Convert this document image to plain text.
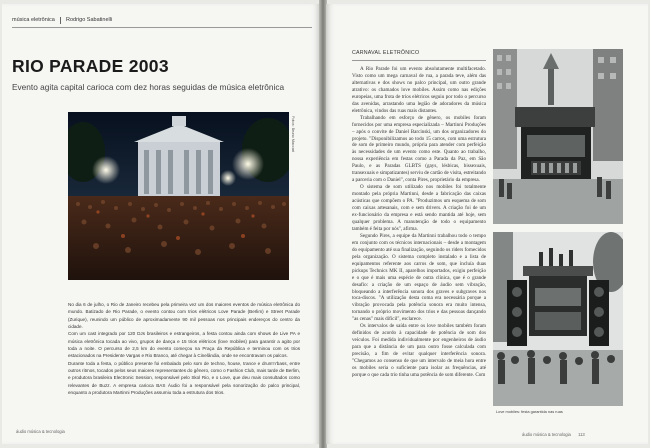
música eletrônica Rodrigo Sabatinelli
RIO PARADE 2003
Evento agita capital carioca com dez horas seguidas de música eletrônica
Fotos: Bruno Maccari

No dia 6 de julho, o Rio de Janeiro recebeu pela primeira vez um dos maiores eventos de música eletrônica do mundo. Batizado de Rio Parade, o evento contou com trios elétricos Love Parade (Berlim) e Street Parade (Zurique), reunindo um público de aproximadamente 90 mil pessoas nos principais endereços do centro da cidade.

Com um cast integrado por 120 DJs brasileiros e estrangeiros, a festa contou ainda com shows de Live PA e música eletrônica tocada ao vivo, grupos de dança e 15 trios elétricos (love mobiles) para garantir a agito por toda a noite. O percurso de 2,5 km do evento começou na Praça da República e terminou com os trios estacionados na Presidente Vargas e Rio Branco, até chegar à Cinelândia, onde se encontravam os palcos.

Durante toda a festa, o público presente foi embalado pelo som de techno, house, trance e drum'n'bass, entre outros ritmos, tocados pelos seus maiores representantes do gênero, como o Fashion Club, mais tarde de Berlim, e produtora brasileira Electronic Session, responsável pelo Skol Rio, e o Love, que deu mais consultados como relevantes de Buzz. A empresa carioca BAS Áudio foi a responsável pela sonorização do palco principal, enquanto a produtora Martinni Produções assumiu toda a estrutura dos trios.

áudio música & tecnologia
CARNAVAL ELETRÔNICO

A Rio Parade foi um evento absolutamente multifacetado. Visto como um mega carnaval de rua, a parada teve, além das alternativas e dos shows no palco principal, um outro grande atrativo: os chamados love mobiles. Assim como nas edições europeias, uma frota de trios elétricos seguiu por todo o percurso das avenidas, arrastando uma legião de adoradores da música eletrônica, vindos das ruas mais distantes.

Trabalhando em esforço de gênero, os mobiles foram fornecidos por uma empresa especializada – Martinni Produções – após o convite de Daniel Barcinski, um dos organizadores do projeto. "Disponibilizamos ao todo 15 carros, com uma estrutura de som de primeiro mundo, própria para atender com perfeição às necessidades de um evento como este. Quanto ao trabalho, nossa experiência em festas como a Parada da Paz, em São Paulo, e as Paradas GLBTS (gays, lésbicas, bissexuais, transexuais e simpatizantes) serviu de cartão de visita, estreitando a parceria com o Daniel", conta Pires, proprietário da empresa.

O sistema de som utilizado nos mobiles foi totalmente montado pela própria Martinni, desde a fabricação das caixas acústicas que compõem o PA. "Produzimos um esquema de som com caixas artesanais, com e sem drivers. A criação foi de um ex-funcionário da empresa e está sendo mantida até hoje, sem qualquer problema. A manutenção de todo o equipamento também é feita por nós", afirma.

Segundo Pires, a equipe da Martinni trabalhou todo o tempo em conjunto com os técnicos internacionais – desde a montagem do equipamento até sua finalização, seguindo os riders fornecidos pela organização. O sistema completo instalado e a lista de equipamentos referente aos carros de som, que incluía duas pickups Technics MK II, aparelhos importados, exigiu perfeição e o que é mais uma espécie de outra clínica, que é o grande desafio: a criação de um espaço de áudio sem vibração, bloqueando a interferência sonora dos graves e subgraves nos toca-discos. "A utilização desta coma era necessária porque a vibração provocada pela potência sonora era muito intensa, tornando o próprio movimento dos trios e das pessoas dançando "as cenas" mais difícil", esclarece.

Os intervalos de saída entre os love mobiles também foram definidos de acordo à capacidade de potência de som dos veículos. Foi medida individualmente por engenheiros de áudio para que a distância de um para outro fosse calculada com precisão, a fim de evitar qualquer interferência sonora. "Chegamos ao consenso de que um intervalo de meia hora entre os mobiles seria o suficiente para isolar as frequências, até porque o que cada trio tinha uma potência de som diferente. Com

Love mobiles: festa garantida nas ruas
áudio música & tecnologia 113
